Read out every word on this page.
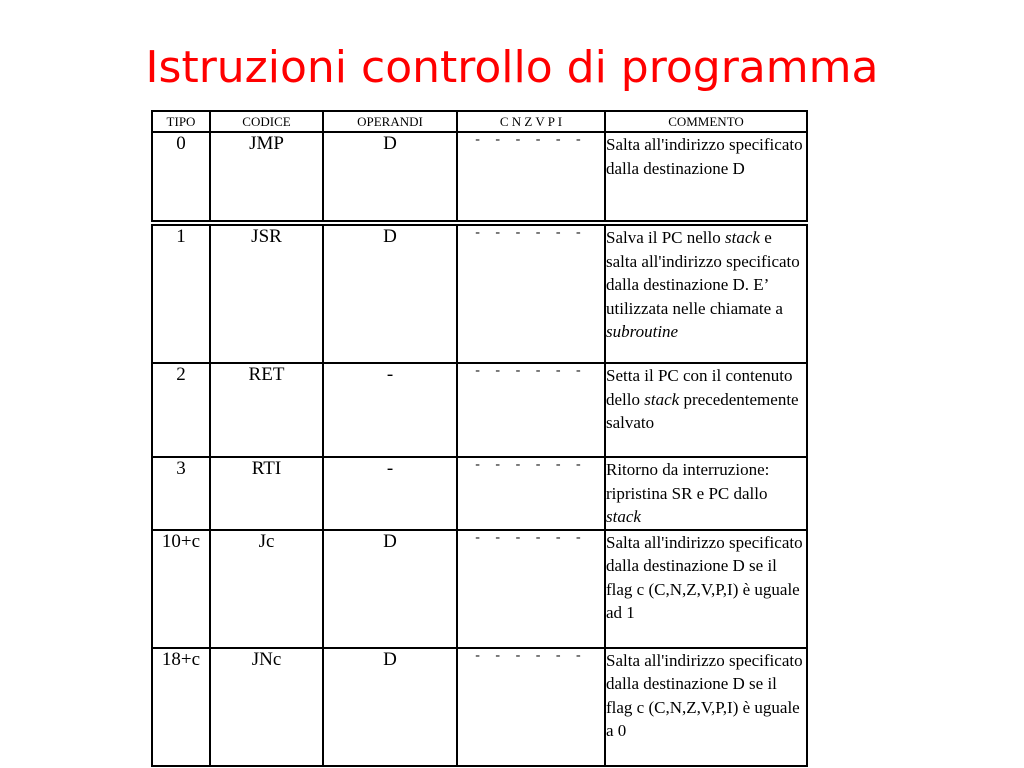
Istruzioni controllo di programma
TIPO	CODICE	OPERANDI	C N Z V P I	COMMENTO
0	JMP	D	- - - - - -	Salta all'indirizzo specificato dalla destinazione D

1	JSR	D	- - - - - -	Salva il PC nello stack e salta all'indirizzo specificato dalla destinazione D. E’ utilizzata nelle chiamate a subroutine
2	RET	-	- - - - - -	Setta il PC con il contenuto dello stack precedentemente salvato
3	RTI	-	- - - - - -	Ritorno da interruzione: ripristina SR e PC dallo stack
10+c	Jc	D	- - - - - -	Salta all'indirizzo specificato dalla destinazione D se il flag c (C,N,Z,V,P,I) è uguale ad 1
18+c	JNc	D	- - - - - -	Salta all'indirizzo specificato dalla destinazione D se il flag c (C,N,Z,V,P,I) è uguale a 0
